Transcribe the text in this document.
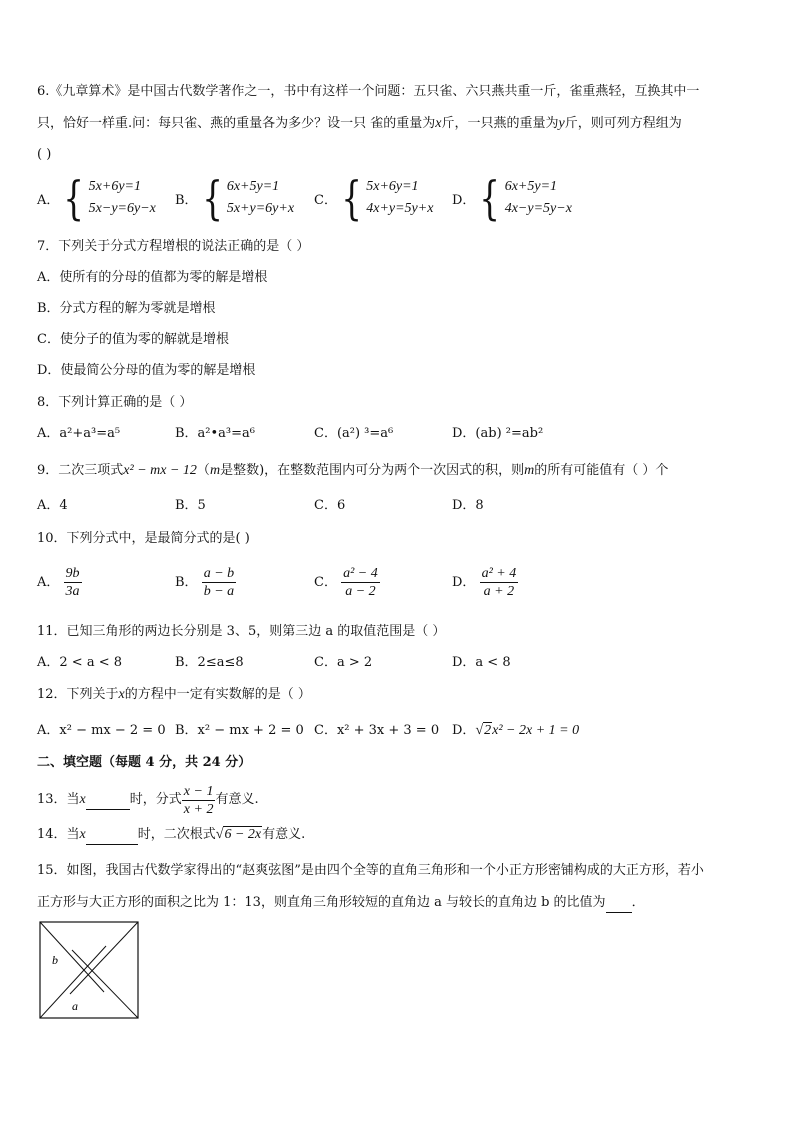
6.《九章算术》是中国古代数学著作之一，书中有这样一个问题：五只雀、六只燕共重一斤，雀重燕轻，互换其中一
只，恰好一样重.问：每只雀、燕的重量各为多少？设一只 雀的重量为x斤，一只燕的重量为y斤，则可列方程组为
( )
A． { 5x+6y=1
5x−y=6y−x
B． { 6x+5y=1
5x+y=6y+x
C． { 5x+6y=1
4x+y=5y+x
D． { 6x+5y=1
4x−y=5y−x
7．下列关于分式方程增根的说法正确的是（ ）
A．使所有的分母的值都为零的解是增根
B．分式方程的解为零就是增根
C．使分子的值为零的解就是增根
D．使最简公分母的值为零的解是增根
8．下列计算正确的是（ ）
A．a²+a³=a⁵	B．a²•a³=a⁶	C．(a²) ³=a⁶	D．(ab) ²=ab²
9．二次三项式x² − mx − 12（m是整数)，在整数范围内可分为两个一次因式的积，则m的所有可能值有（ ）个
A．4	B．5	C．6	D．8
10．下列分式中，是最简分式的是( )
A． $\frac{9b}{3a}$	B． $\frac{a - b}{b - a}$	C． $\frac{\text{a² − 4}}{a - 2}$	D． $\frac{\text{a² + 4}}{a + 2}$
11．已知三角形的两边长分别是 3、5，则第三边 a 的取值范围是（ ）
A．2 < a < 8	B．2≤a≤8	C．a > 2	D．a < 8
12．下列关于x的方程中一定有实数解的是（ ）
A．x² − mx − 2 = 0 B．x² − mx + 2 = 0 C．x² + 3x + 3 = 0 D．√2x² − 2x + 1 = 0
二、填空题（每题 4 分，共 24 分）
13．当 x
	时，分式 $\frac{x - 1}{x + 2}$ 有意义.
14．当x	时，二次根式√6 − 2x有意义.
15．如图，我国古代数学家得出的“赵爽弦图”是由四个全等的直角三角形和一个小正方形密铺构成的大正方形，若小
正方形与大正方形的面积之比为 1：13，则直角三角形较短的直角边 a 与较长的直角边 b 的比值为 ．
b
a
